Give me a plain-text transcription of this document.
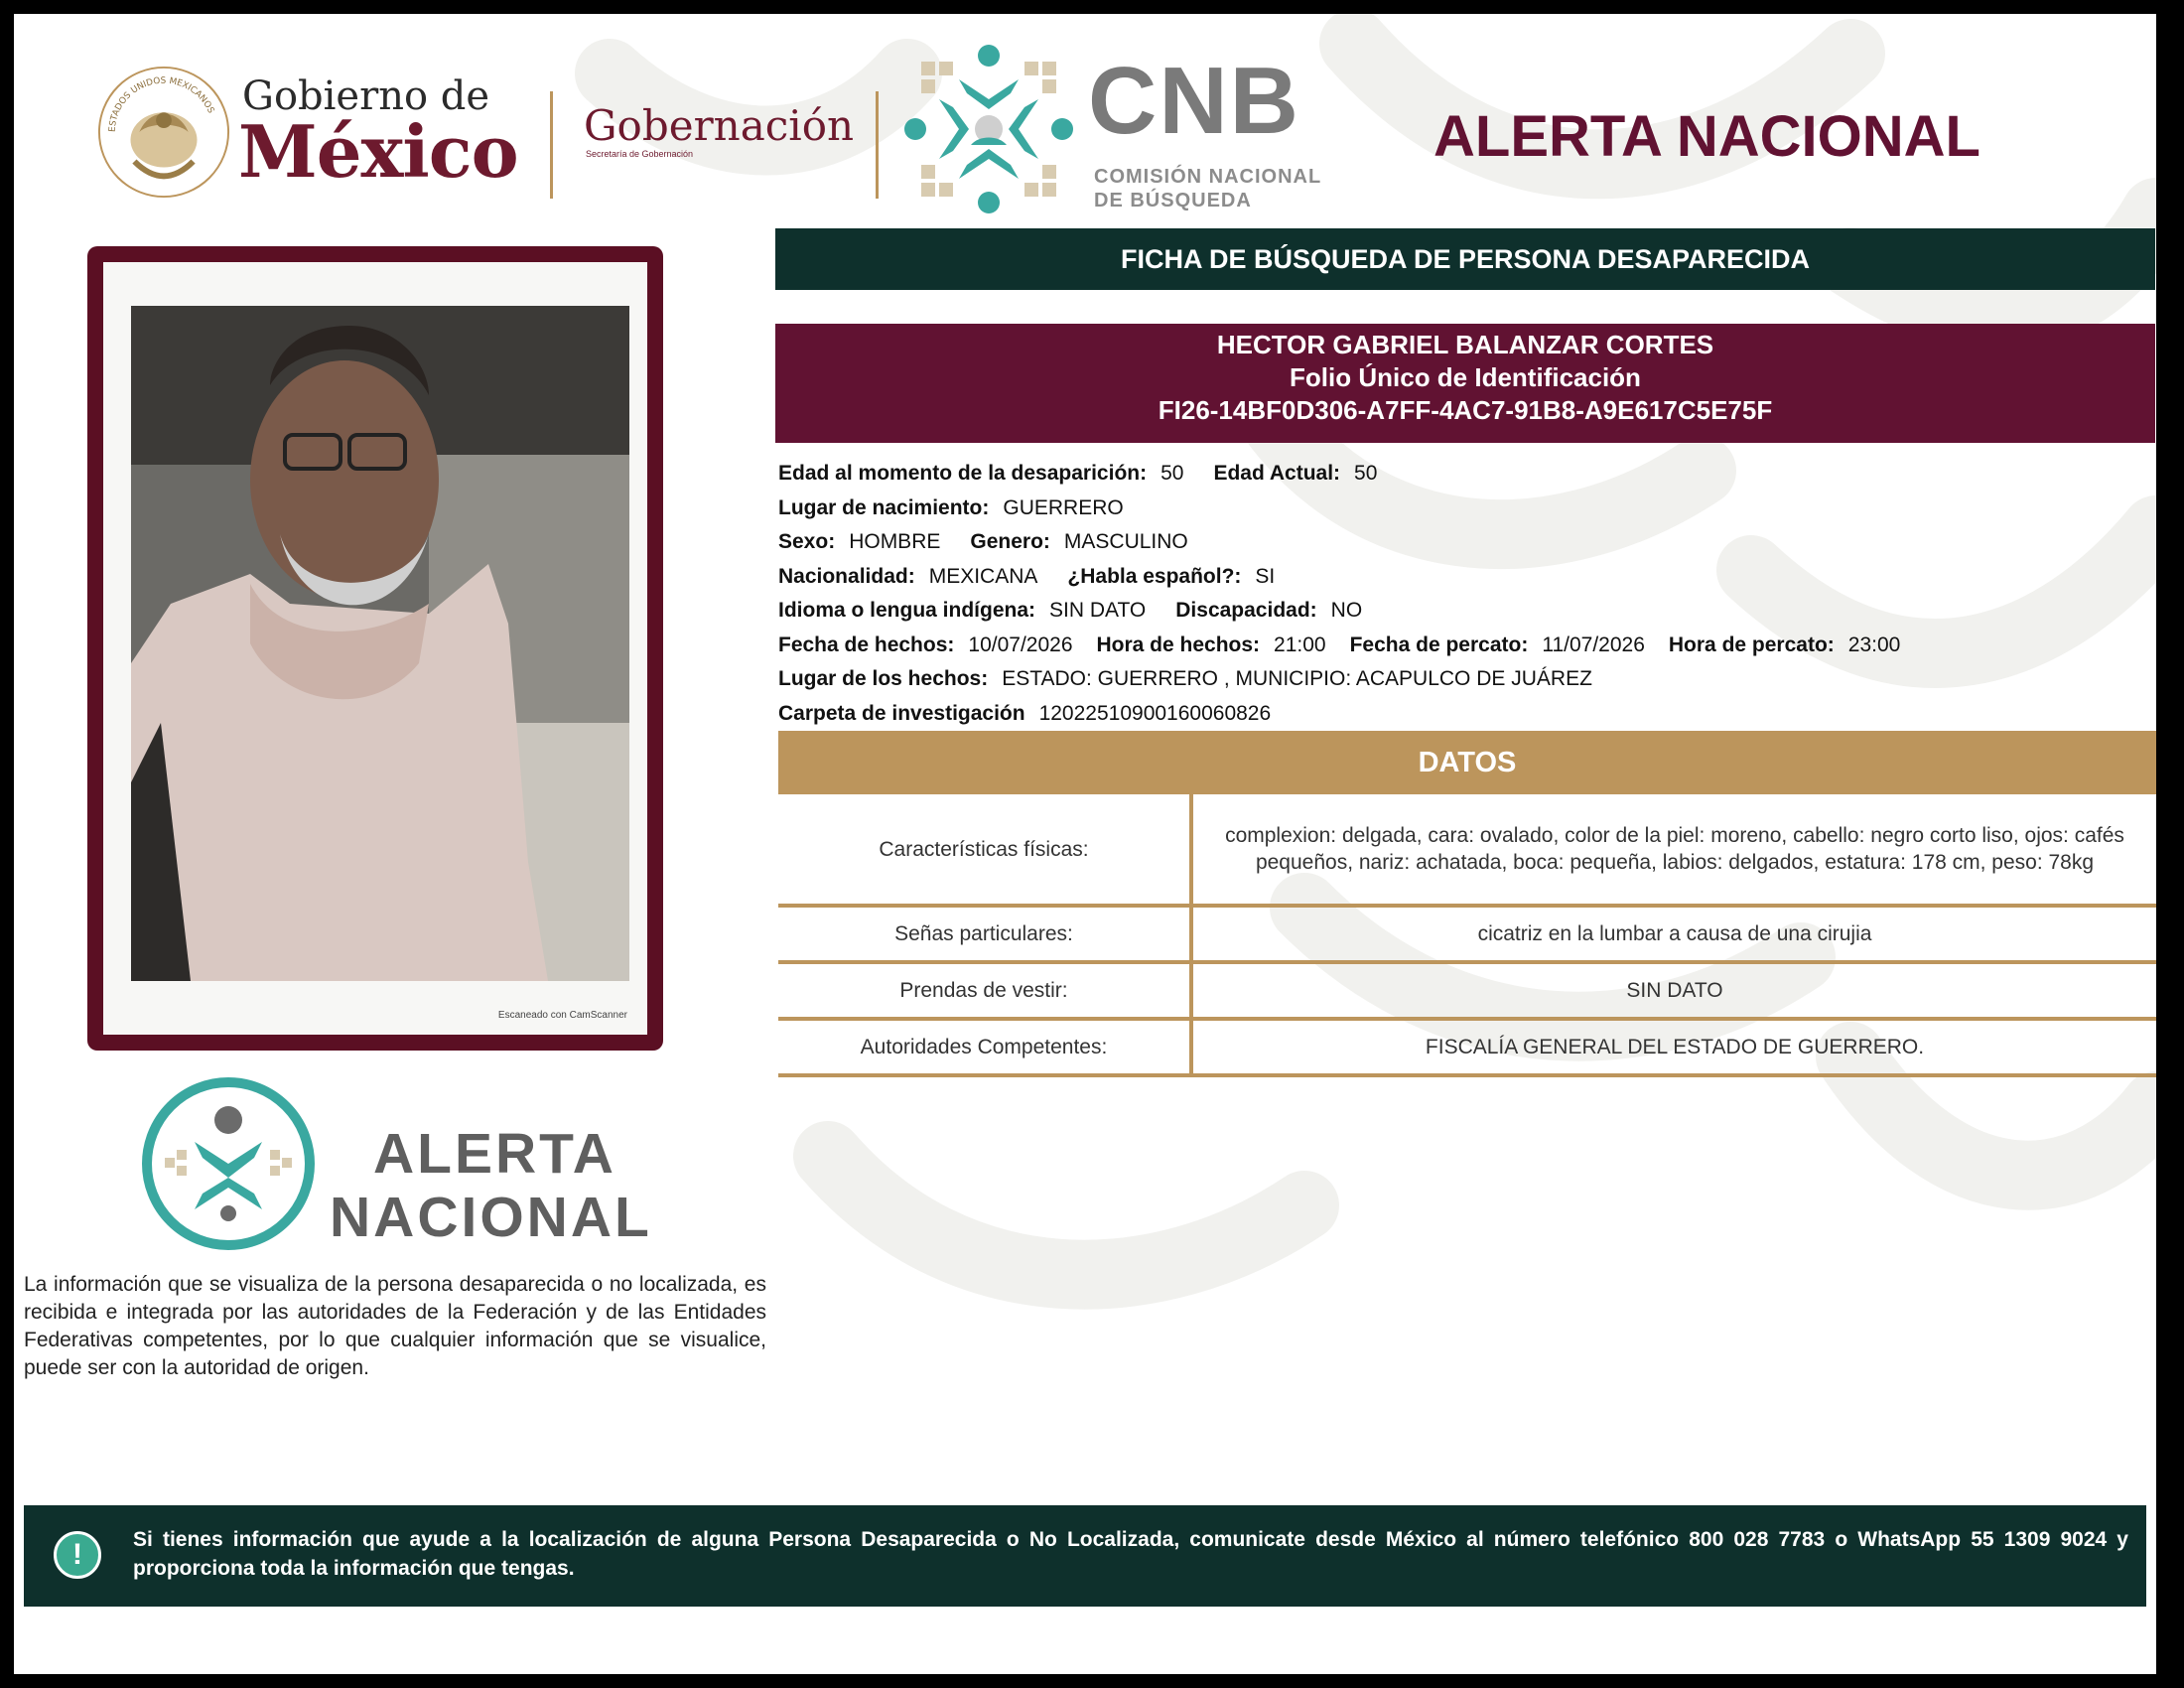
ESTADOS UNIDOS MEXICANOS Gobierno de
México Gobernación
Secretaría de Gobernación	CNB
COMISIÓN NACIONAL
DE BÚSQUEDA
ALERTA NACIONAL
Escaneado con CamScanner
ALERTA
NACIONAL
La información que se visualiza de la persona desaparecida o no localizada, es recibida e integrada por las autoridades de la Federación y de las Entidades Federativas competentes, por lo que cualquier información que se visualice, puede ser con la autoridad de origen.
FICHA DE BÚSQUEDA DE PERSONA DESAPARECIDA
HECTOR GABRIEL BALANZAR CORTES
Folio Único de Identificación
FI26-14BF0D306-A7FF-4AC7-91B8-A9E617C5E75F
Edad al momento de la desaparición: 50 Edad Actual: 50
Lugar de nacimiento: GUERRERO
Sexo: HOMBRE Genero: MASCULINO
Nacionalidad: MEXICANA ¿Habla español?: SI
Idioma o lengua indígena: SIN DATO Discapacidad: NO
Fecha de hechos: 10/07/2026 Hora de hechos: 21:00 Fecha de percato: 11/07/2026 Hora de percato: 23:00
Lugar de los hechos: ESTADO: GUERRERO , MUNICIPIO: ACAPULCO DE JUÁREZ
Carpeta de investigación 12022510900160060826
DATOS
Características físicas:	complexion: delgada, cara: ovalado, color de la piel: moreno, cabello: negro corto liso, ojos: cafés pequeños, nariz: achatada, boca: pequeña, labios: delgados, estatura: 178 cm, peso: 78kg
Señas particulares:	cicatriz en la lumbar a causa de una cirujia
Prendas de vestir:	SIN DATO
Autoridades Competentes:	FISCALÍA GENERAL DEL ESTADO DE GUERRERO.
!	Si tienes información que ayude a la localización de alguna Persona Desaparecida o No Localizada, comunicate desde México al número telefónico 800 028 7783 o WhatsApp 55 1309 9024 y proporciona toda la información que tengas.
